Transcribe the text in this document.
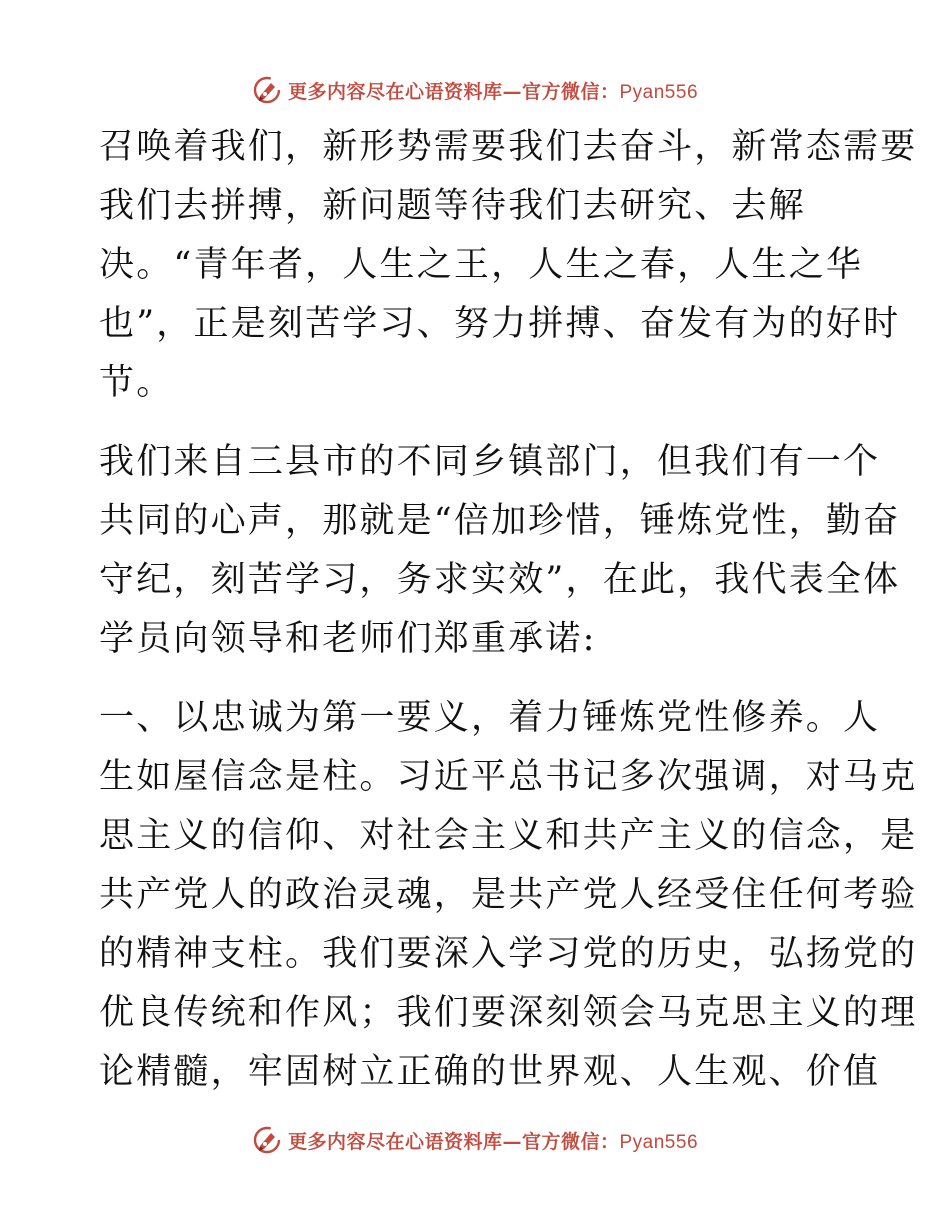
更多内容尽在心语资料库—官方微信：Pyan556

召唤着我们，新形势需要我们去奋斗，新常态需要
我们去拼搏，新问题等待我们去研究、去解
决。“青年者，人生之王，人生之春，人生之华
也”，正是刻苦学习、努力拼搏、奋发有为的好时
节。

我们来自三县市的不同乡镇部门，但我们有一个
共同的心声，那就是“倍加珍惜，锤炼党性，勤奋
守纪，刻苦学习，务求实效”，在此，我代表全体
学员向领导和老师们郑重承诺:

一、以忠诚为第一要义，着力锤炼党性修养。人
生如屋信念是柱。习近平总书记多次强调，对马克
思主义的信仰、对社会主义和共产主义的信念，是
共产党人的政治灵魂，是共产党人经受住任何考验
的精神支柱。我们要深入学习党的历史，弘扬党的
优良传统和作风；我们要深刻领会马克思主义的理
论精髓，牢固树立正确的世界观、人生观、价值

更多内容尽在心语资料库—官方微信：Pyan556
